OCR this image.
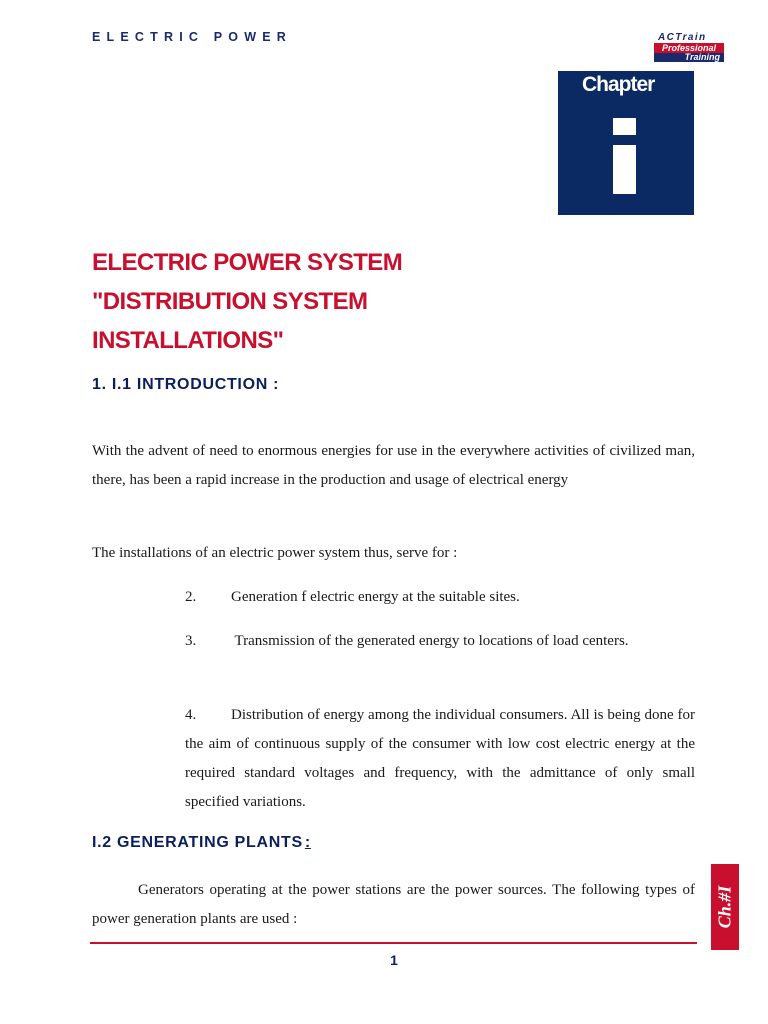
ELECTRIC POWER	ACTrain
Professional
Training
Chapter
ELECTRIC POWER SYSTEM
"DISTRIBUTION SYSTEM
INSTALLATIONS"
1. I.1 INTRODUCTION :

With the advent of need to enormous energies for use in the everywhere activities of civilized man, there, has been a rapid increase in the production and usage of electrical energy

The installations of an electric power system thus, serve for :

2. Generation f electric energy at the suitable sites.

3. Transmission of the generated energy to locations of load centers.

4. Distribution of energy among the individual consumers. All is being done for the aim of continuous supply of the consumer with low cost electric energy at the required standard voltages and frequency, with the admittance of only small specified variations.

I.2 GENERATING PLANTS :

Generators operating at the power stations are the power sources. The following types of power generation plants are used :

1
Ch.#I
